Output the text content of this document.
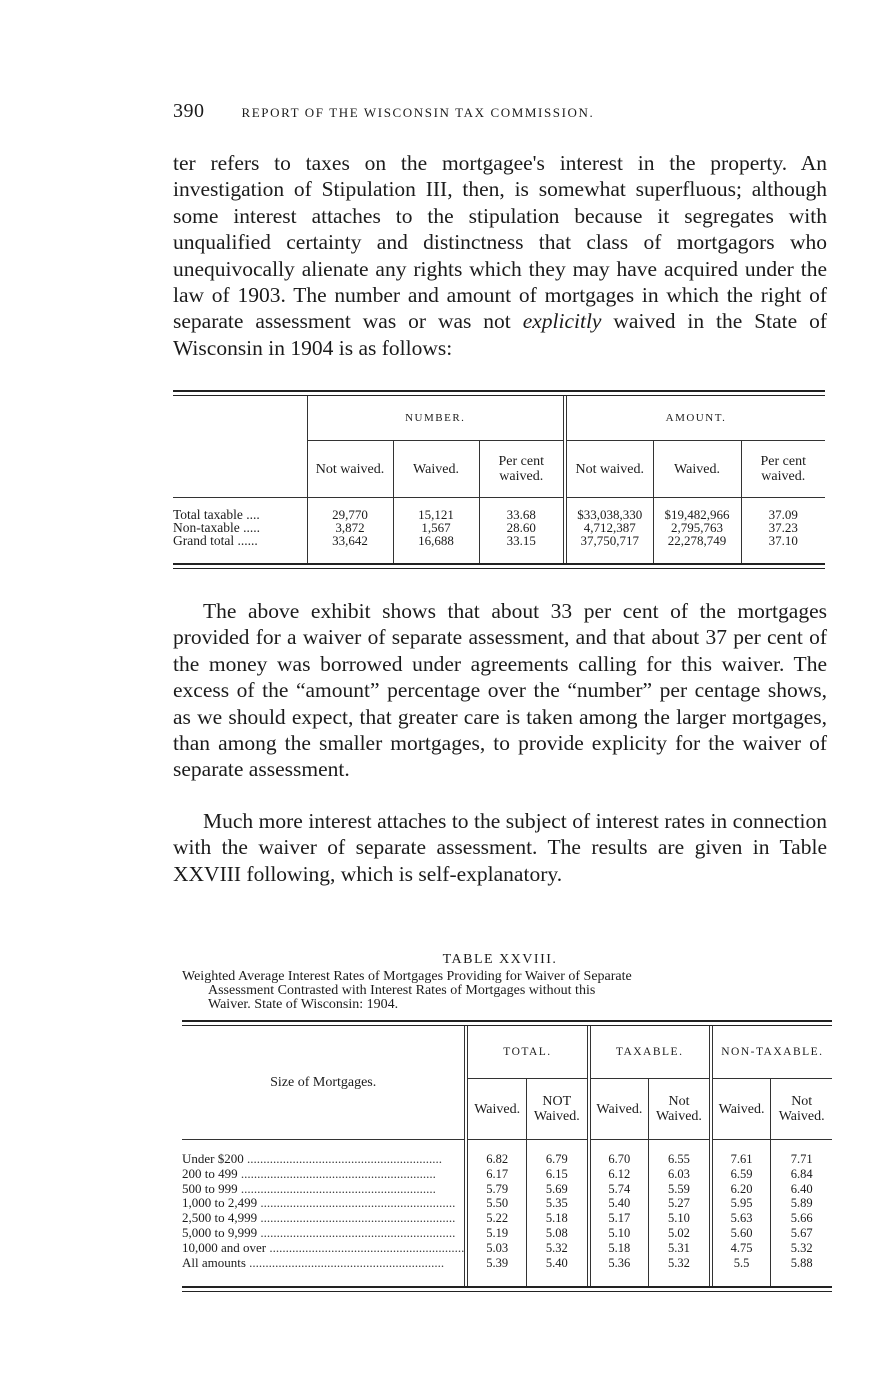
390	REPORT OF THE WISCONSIN TAX COMMISSION.
ter refers to taxes on the mortgagee's interest in the property. An investigation of Stipulation III, then, is somewhat superfluous; although some interest attaches to the stipulation because it segregates with unqualified certainty and distinctness that class of mortgagors who unequivocally alienate any rights which they may have acquired under the law of 1903. The number and amount of mortgages in which the right of separate assessment was or was not explicitly waived in the State of Wisconsin in 1904 is as follows:
	NUMBER.			AMOUNT.		
	Not waived.	Waived.	Per cent waived.	Not waived.	Waived.	Per cent waived.
Total taxable ....	29,770	15,121	33.68	$33,038,330	$19,482,966	37.09
Non-taxable .....	3,872	1,567	28.60	4,712,387	2,795,763	37.23
Grand total ......	33,642	16,688	33.15	37,750,717	22,278,749	37.10
The above exhibit shows that about 33 per cent of the mortgages provided for a waiver of separate assessment, and that about 37 per cent of the money was borrowed under agreements calling for this waiver. The excess of the “amount” percentage over the “number” per centage shows, as we should expect, that greater care is taken among the larger mortgages, than among the smaller mortgages, to provide explicity for the waiver of separate assessment.
Much more interest attaches to the subject of interest rates in connection with the waiver of separate assessment. The results are given in Table XXVIII following, which is self-explanatory.
TABLE XXVIII.
Weighted Average Interest Rates of Mortgages Providing for Waiver of Separate
Assessment Contrasted with Interest Rates of Mortgages without this
Waiver. State of Wisconsin: 1904.
Size of Mortgages.	TOTAL.		TAXABLE.		NON-TAXABLE.	
	Waived.	NOT Waived.	Waived.	Not Waived.	Waived.	Not Waived.
Under $200 ............................................................	6.82	6.79	6.70	6.55	7.61	7.71
200 to 499 ............................................................	6.17	6.15	6.12	6.03	6.59	6.84
500 to 999 ............................................................	5.79	5.69	5.74	5.59	6.20	6.40
1,000 to 2,499 ............................................................	5.50	5.35	5.40	5.27	5.95	5.89
2,500 to 4,999 ............................................................	5.22	5.18	5.17	5.10	5.63	5.66
5,000 to 9,999 ............................................................	5.19	5.08	5.10	5.02	5.60	5.67
10,000 and over ............................................................	5.03	5.32	5.18	5.31	4.75	5.32
All amounts ............................................................	5.39	5.40	5.36	5.32	5.5	5.88
